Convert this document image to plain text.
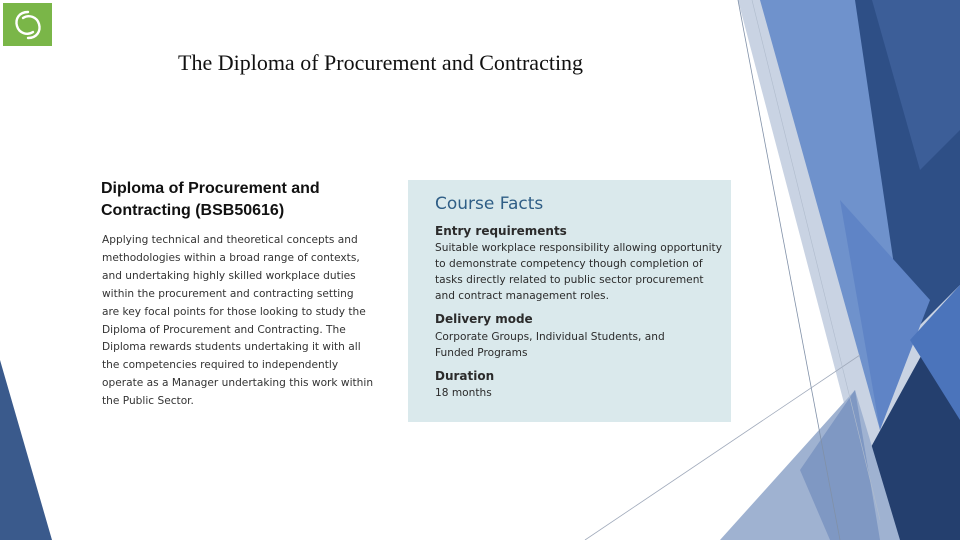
The Diploma of Procurement and Contracting
Diploma of Procurement and Contracting (BSB50616)
Applying technical and theoretical concepts and methodologies within a broad range of contexts, and undertaking highly skilled workplace duties within the procurement and contracting setting are key focal points for those looking to study the Diploma of Procurement and Contracting. The Diploma rewards students undertaking it with all the competencies required to independently operate as a Manager undertaking this work within the Public Sector.
Course Facts
Entry requirements
Suitable workplace responsibility allowing opportunity to demonstrate competency though completion of tasks directly related to public sector procurement and contract management roles.
Delivery mode
Corporate Groups, Individual Students, and Funded Programs
Duration
18 months
